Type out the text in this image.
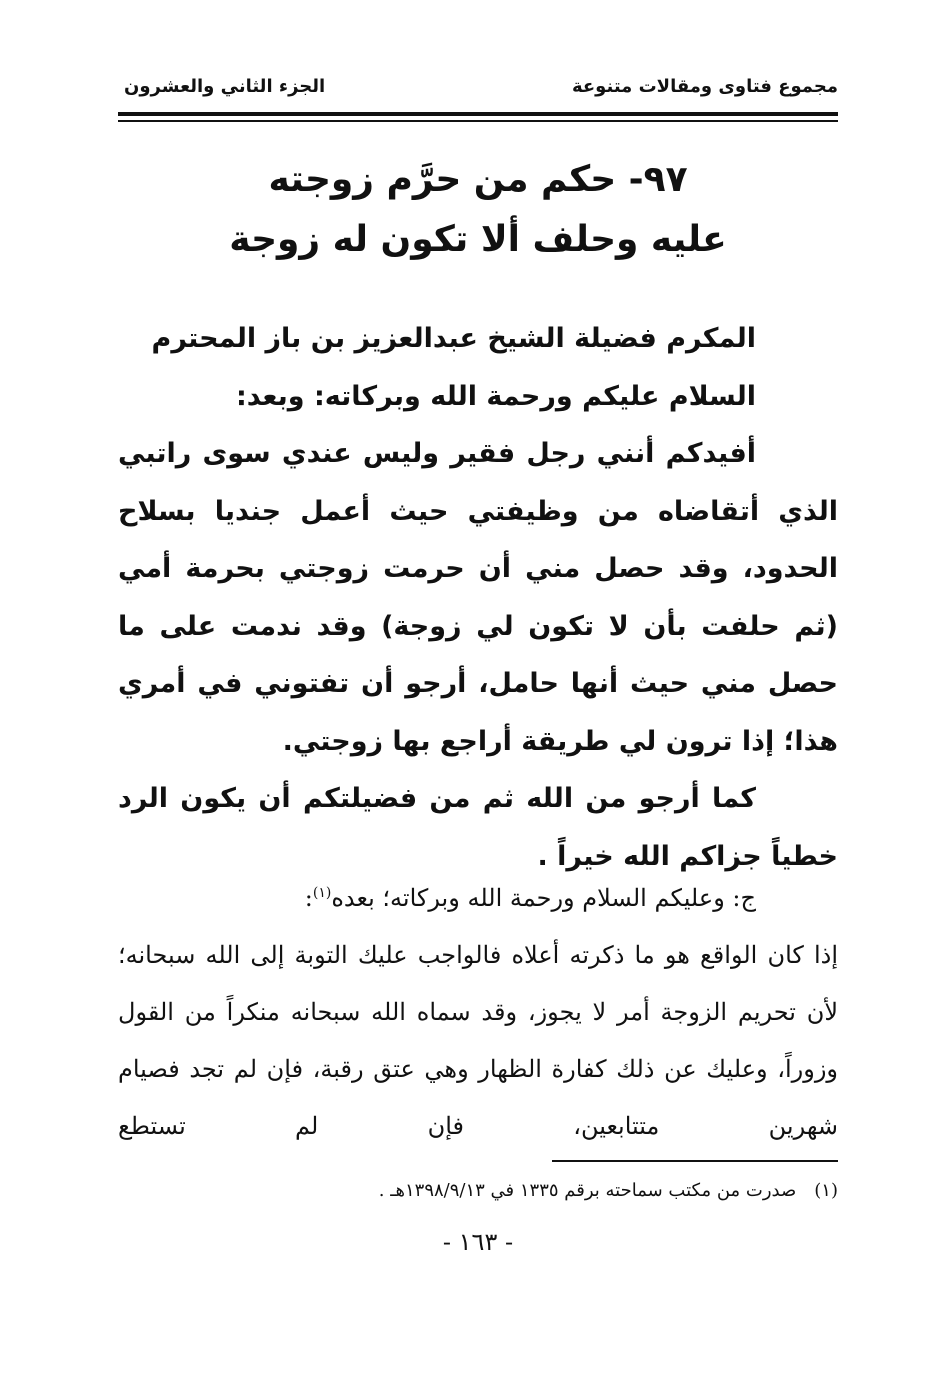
مجموع فتاوى ومقالات متنوعة
الجزء الثاني والعشرون
٩٧- حكم من حرَّم زوجته
عليه وحلف ألا تكون له زوجة
المكرم فضيلة الشيخ عبدالعزيز بن باز المحترم
السلام عليكم ورحمة الله وبركاته: وبعد:
أفيدكم أنني رجل فقير وليس عندي سوى راتبي الذي أتقاضاه من وظيفتي حيث أعمل جنديا بسلاح الحدود، وقد حصل مني أن حرمت زوجتي بحرمة أمي (ثم حلفت بأن لا تكون لي زوجة) وقد ندمت على ما حصل مني حيث أنها حامل، أرجو أن تفتوني في أمري هذا؛ إذا ترون لي طريقة أراجع بها زوجتي.
كما أرجو من الله ثم من فضيلتكم أن يكون الرد خطياً جزاكم الله خيراً .
ج: وعليكم السلام ورحمة الله وبركاته؛ بعده$^{(١)}$:
إذا كان الواقع هو ما ذكرته أعلاه فالواجب عليك التوبة إلى الله سبحانه؛ لأن تحريم الزوجة أمر لا يجوز، وقد سماه الله سبحانه منكراً من القول وزوراً، وعليك عن ذلك كفارة الظهار وهي عتق رقبة، فإن لم تجد فصيام شهرين متتابعين، فإن لم تستطع
(١)صدرت من مكتب سماحته برقم ١٣٣٥ في ١٣٩٨/٩/١٣هـ .
- ١٦٣ -
